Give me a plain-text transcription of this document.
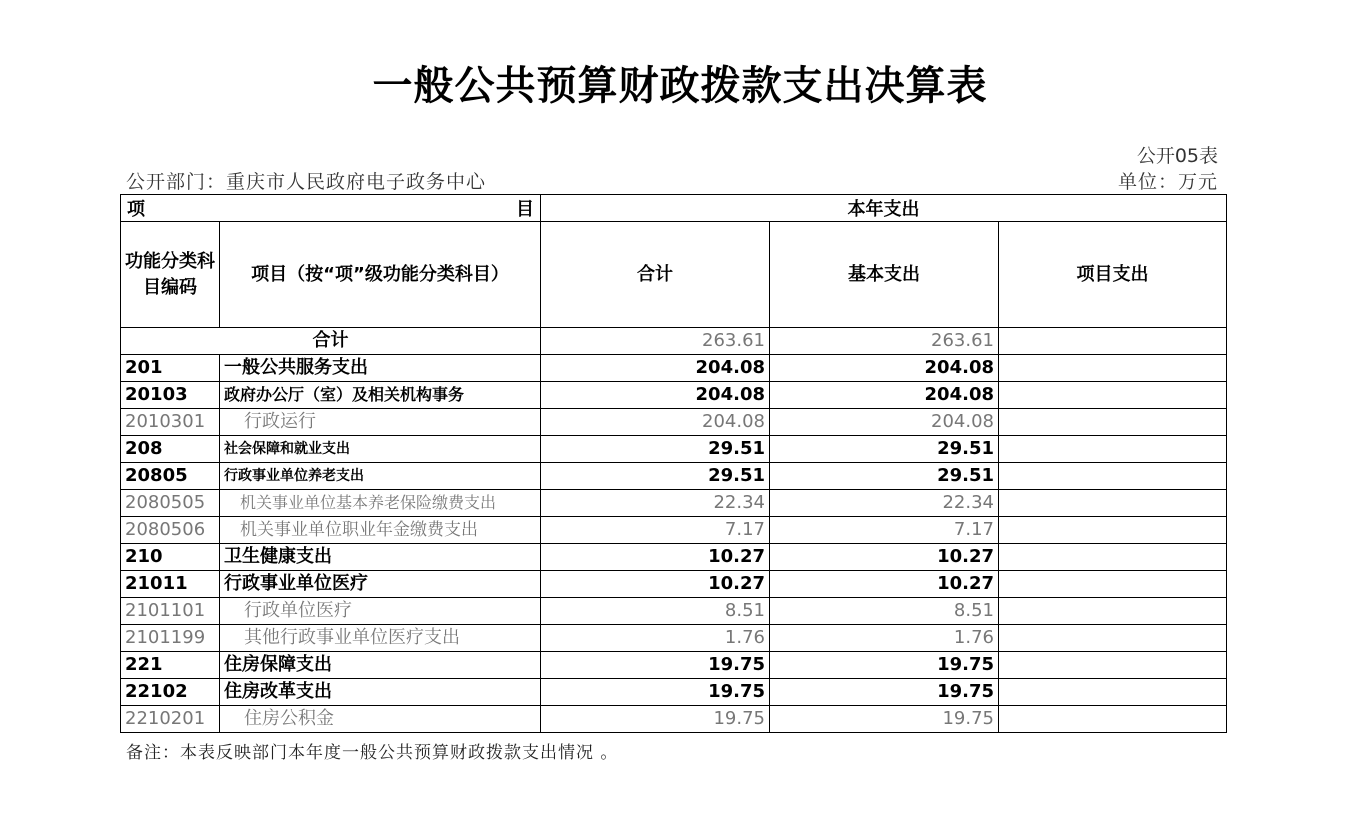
一般公共预算财政拨款支出决算表
公开05表
公开部门：重庆市人民政府电子政务中心	单位：万元
项 目		本年支出		
功能分类科目编码	项目（按“项”级功能分类科目）	合计	基本支出	项目支出
合计		263.61	263.61	
201	一般公共服务支出	204.08	204.08	
20103	政府办公厅（室）及相关机构事务	204.08	204.08	
2010301	行政运行	204.08	204.08	
208	社会保障和就业支出	29.51	29.51	
20805	行政事业单位养老支出	29.51	29.51	
2080505	机关事业单位基本养老保险缴费支出	22.34	22.34	
2080506	机关事业单位职业年金缴费支出	7.17	7.17	
210	卫生健康支出	10.27	10.27	
21011	行政事业单位医疗	10.27	10.27	
2101101	行政单位医疗	8.51	8.51	
2101199	其他行政事业单位医疗支出	1.76	1.76	
221	住房保障支出	19.75	19.75	
22102	住房改革支出	19.75	19.75	
2210201	住房公积金	19.75	19.75	
备注：本表反映部门本年度一般公共预算财政拨款支出情况 。
